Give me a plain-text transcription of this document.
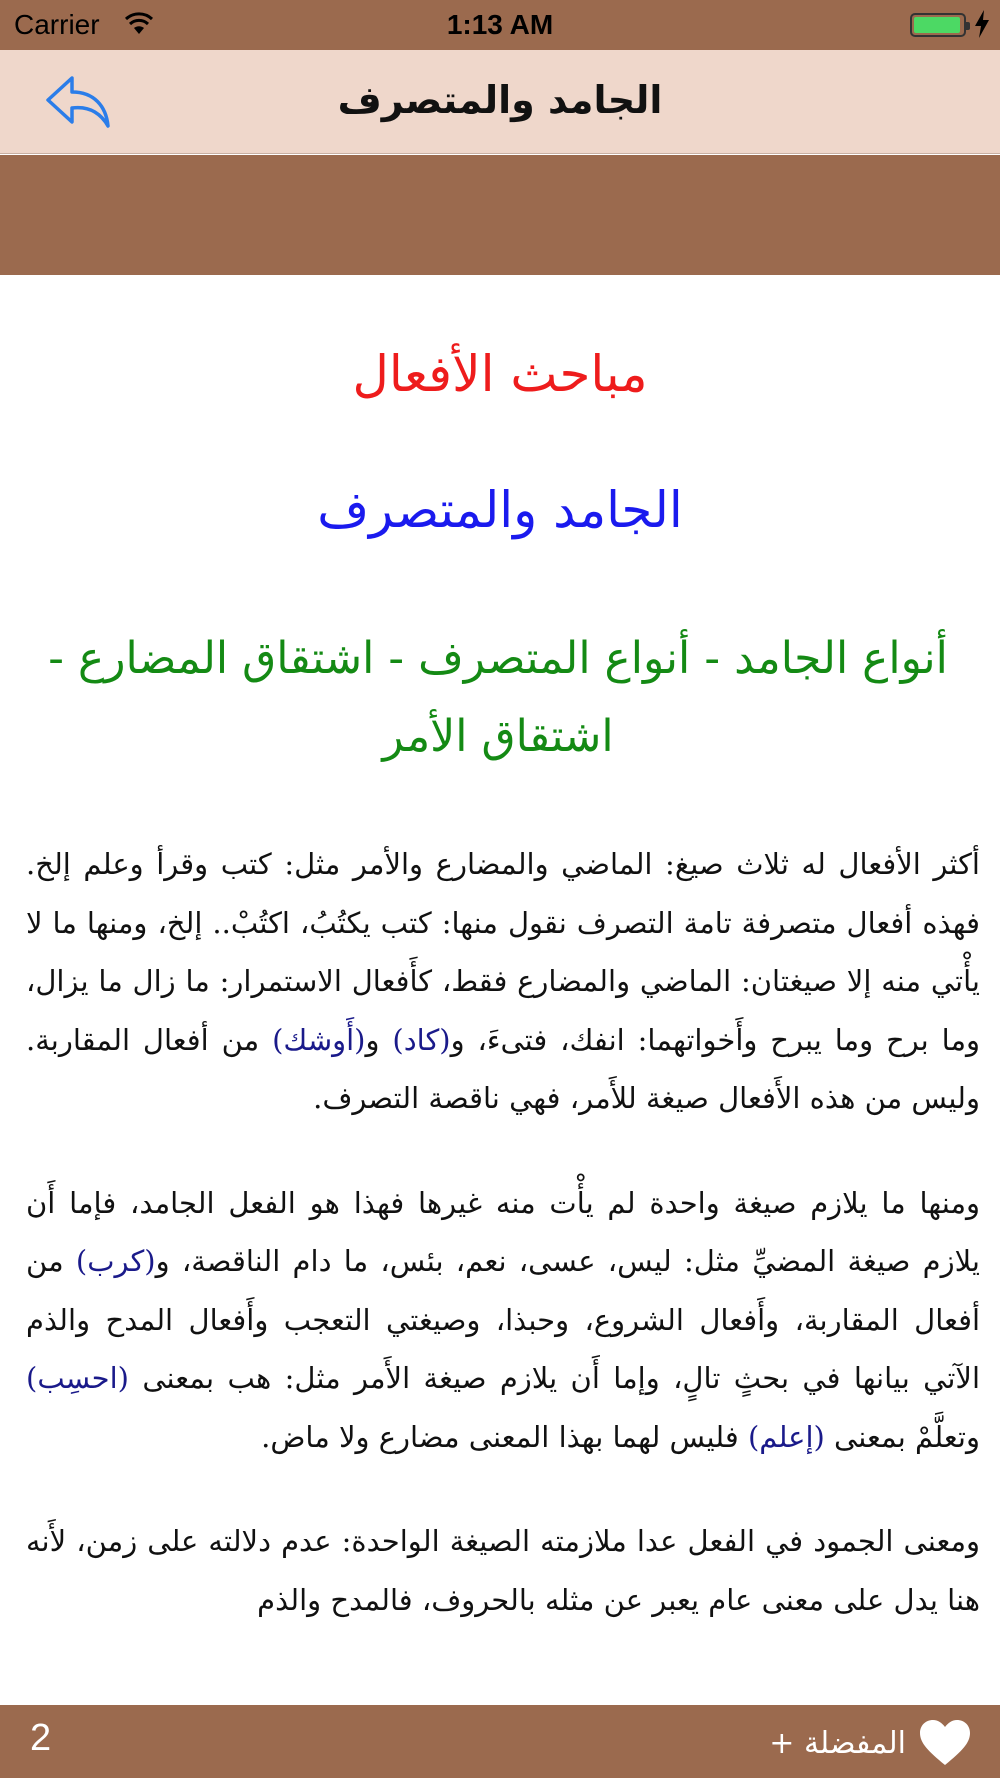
Carrier	1:13 AM
الجامد والمتصرف
مباحث الأفعال
الجامد والمتصرف
أنواع الجامد - أنواع المتصرف - اشتقاق المضارع - اشتقاق الأمر

أكثر الأفعال له ثلاث صيغ: الماضي والمضارع والأمر مثل: كتب وقرأ وعلم إلخ. فهذه أفعال متصرفة تامة التصرف نقول منها: كتب يكتُبُ، اكتُبْ.. إلخ، ومنها ما لا يأْتي منه إلا صيغتان: الماضي والمضارع فقط، كأَفعال الاستمرار: ما زال ما يزال، وما برح وما يبرح وأَخواتهما: انفك، فتىءَ، و(كاد) و(أَوشك) من أفعال المقاربة. وليس من هذه الأَفعال صيغة للأَمر، فهي ناقصة التصرف.

ومنها ما يلازم صيغة واحدة لم يأْت منه غيرها فهذا هو الفعل الجامد، فإما أَن يلازم صيغة المضيِّ مثل: ليس، عسى، نعم، بئس، ما دام الناقصة، و(كرب) من أفعال المقاربة، وأَفعال الشروع، وحبذا، وصيغتي التعجب وأَفعال المدح والذم الآتي بيانها في بحثٍ تالٍ، وإما أَن يلازم صيغة الأَمر مثل: هب بمعنى (احسِب) وتعلَّمْ بمعنى (إعلم) فليس لهما بهذا المعنى مضارع ولا ماض.

ومعنى الجمود في الفعل عدا ملازمته الصيغة الواحدة: عدم دلالته على زمن، لأَنه هنا يدل على معنى عام يعبر عن مثله بالحروف، فالمدح والذم

2	+ المفضلة
